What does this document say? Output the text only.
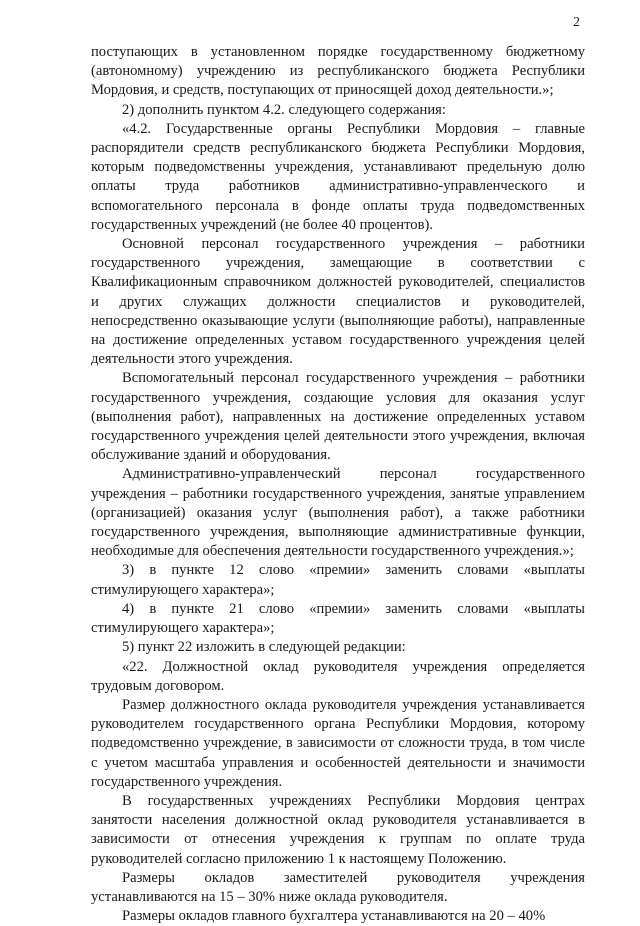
2

поступающих в установленном порядке государственному бюджетному (автономному) учреждению из республиканского бюджета Республики Мордовия, и средств, поступающих от приносящей доход деятельности.»;

2) дополнить пунктом 4.2. следующего содержания:

«4.2. Государственные органы Республики Мордовия – главные распорядители средств республиканского бюджета Республики Мордовия, которым подведомственны учреждения, устанавливают предельную долю оплаты труда работников административно-управленческого и вспомогательного персонала в фонде оплаты труда подведомственных государственных учреждений (не более 40 процентов).

Основной персонал государственного учреждения – работники государственного учреждения, замещающие в соответствии с Квалификационным справочником должностей руководителей, специалистов и других служащих должности специалистов и руководителей, непосредственно оказывающие услуги (выполняющие работы), направленные на достижение определенных уставом государственного учреждения целей деятельности этого учреждения.

Вспомогательный персонал государственного учреждения – работники государственного учреждения, создающие условия для оказания услуг (выполнения работ), направленных на достижение определенных уставом государственного учреждения целей деятельности этого учреждения, включая обслуживание зданий и оборудования.

Административно-управленческий персонал государственного учреждения – работники государственного учреждения, занятые управлением (организацией) оказания услуг (выполнения работ), а также работники государственного учреждения, выполняющие административные функции, необходимые для обеспечения деятельности государственного учреждения.»;

3) в пункте 12 слово «премии» заменить словами «выплаты стимулирующего характера»;

4) в пункте 21 слово «премии» заменить словами «выплаты стимулирующего характера»;

5) пункт 22 изложить в следующей редакции:

«22. Должностной оклад руководителя учреждения определяется трудовым договором.

Размер должностного оклада руководителя учреждения устанавливается руководителем государственного органа Республики Мордовия, которому подведомственно учреждение, в зависимости от сложности труда, в том числе с учетом масштаба управления и особенностей деятельности и значимости государственного учреждения.

В государственных учреждениях Республики Мордовия центрах занятости населения должностной оклад руководителя устанавливается в зависимости от отнесения учреждения к группам по оплате труда руководителей согласно приложению 1 к настоящему Положению.

Размеры окладов заместителей руководителя учреждения устанавливаются на 15 – 30% ниже оклада руководителя.

Размеры окладов главного бухгалтера устанавливаются на 20 – 40%
